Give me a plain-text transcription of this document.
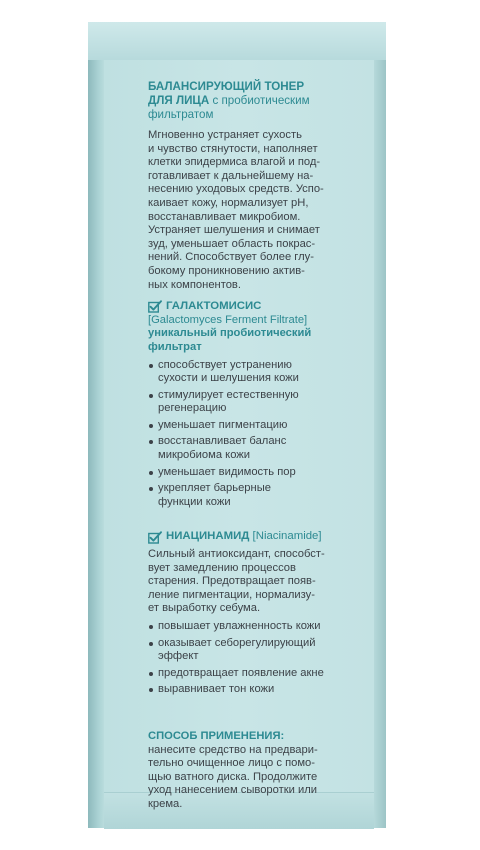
БАЛАНСИРУЮЩИЙ ТОНЕР
ДЛЯ ЛИЦА с пробиотическим
фильтратом

Мгновенно устраняет сухость

и чувство стянутости, наполняет

клетки эпидермиса влагой и под-

готавливает к дальнейшему на-

несению уходовых средств. Успо-

каивает кожу, нормализует pH,

восстанавливает микробиом.

Устраняет шелушения и снимает

зуд, уменьшает область покрас-

нений. Способствует более глу-

бокому проникновению актив-

ных компонентов.

ГАЛАКТОМИСИС
[Galactomyces Ferment Filtrate]
уникальный пробиотический
фильтрат
способствует устранению
сухости и шелушения кожи
стимулирует естественную
регенерацию
уменьшает пигментацию
восстанавливает баланс
микробиома кожи
уменьшает видимость пор
укрепляет барьерные
функции кожи
НИАЦИНАМИД [Niacinamide]

Сильный антиоксидант, способст-

вует замедлению процессов

старения. Предотвращает появ-

ление пигментации, нормализу-

ет выработку себума.

повышает увлажненность кожи
оказывает себорегулирующий
эффект
предотвращает появление акне
выравнивает тон кожи
СПОСОБ ПРИМЕНЕНИЯ:

нанесите средство на предвари-

тельно очищенное лицо с помо-

щью ватного диска. Продолжите

уход нанесением сыворотки или

крема.
